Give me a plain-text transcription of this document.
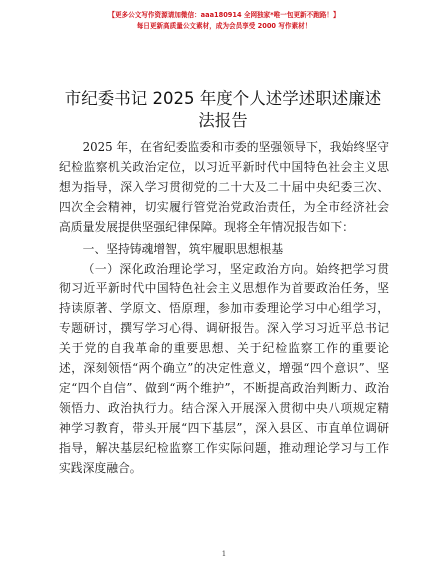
【更多公文写作资源请加微信：aaa180914 全网独家*唯一包更新不跑路！】
每日更新高质量公文素材，成为会员享受 2000 写作素材！
市纪委书记 2025 年度个人述学述职述廉述法报告

2025 年，在省纪委监委和市委的坚强领导下，我始终坚守纪检监察机关政治定位，以习近平新时代中国特色社会主义思想为指导，深入学习贯彻党的二十大及二十届中央纪委三次、四次全会精神，切实履行管党治党政治责任，为全市经济社会高质量发展提供坚强纪律保障。现将全年情况报告如下：

一、坚持铸魂增智，筑牢履职思想根基

（一）深化政治理论学习，坚定政治方向。始终把学习贯彻习近平新时代中国特色社会主义思想作为首要政治任务，坚持读原著、学原文、悟原理，参加市委理论学习中心组学习，专题研讨，撰写学习心得、调研报告。深入学习习近平总书记关于党的自我革命的重要思想、关于纪检监察工作的重要论述，深刻领悟“两个确立”的决定性意义，增强“四个意识”、坚定“四个自信”、做到“两个维护”，不断提高政治判断力、政治领悟力、政治执行力。结合深入开展深入贯彻中央八项规定精神学习教育，带头开展“四下基层”，深入县区、市直单位调研指导，解决基层纪检监察工作实际问题，推动理论学习与工作实践深度融合。

1
